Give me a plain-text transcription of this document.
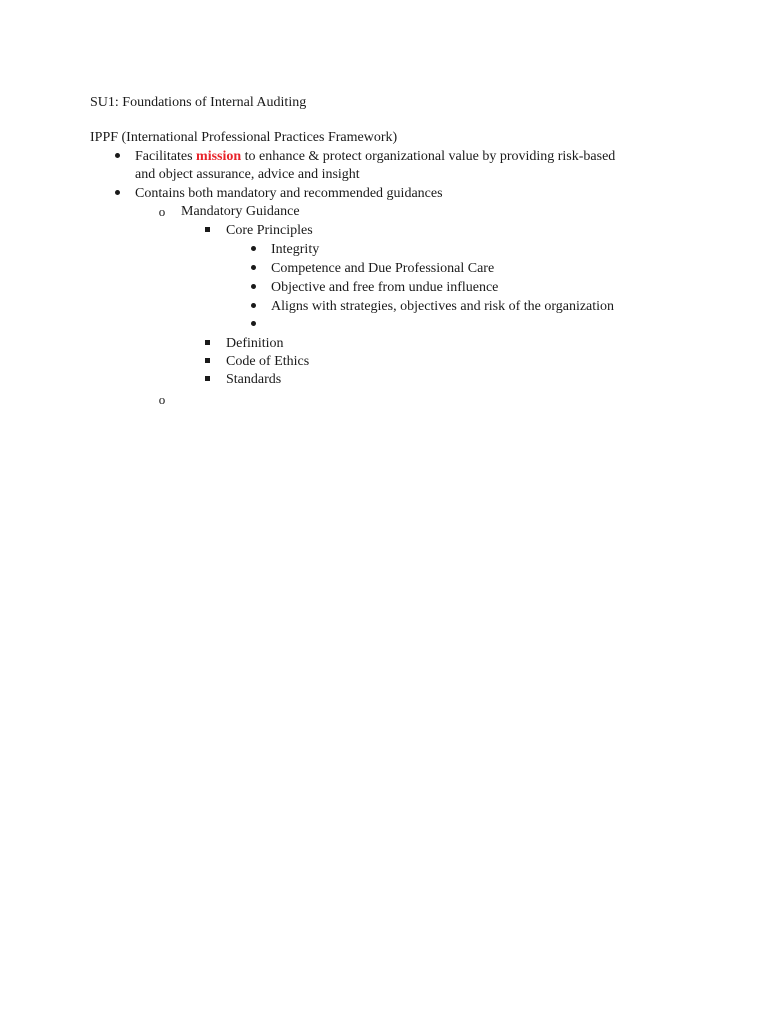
SU1: Foundations of Internal Auditing
IPPF (International Professional Practices Framework)
Facilitates mission to enhance & protect organizational value by providing risk-based
and object assurance, advice and insight
Contains both mandatory and recommended guidances
o
Mandatory Guidance
Core Principles
Integrity
Competence and Due Professional Care
Objective and free from undue influence
Aligns with strategies, objectives and risk of the organization
Definition
Code of Ethics
Standards
o
